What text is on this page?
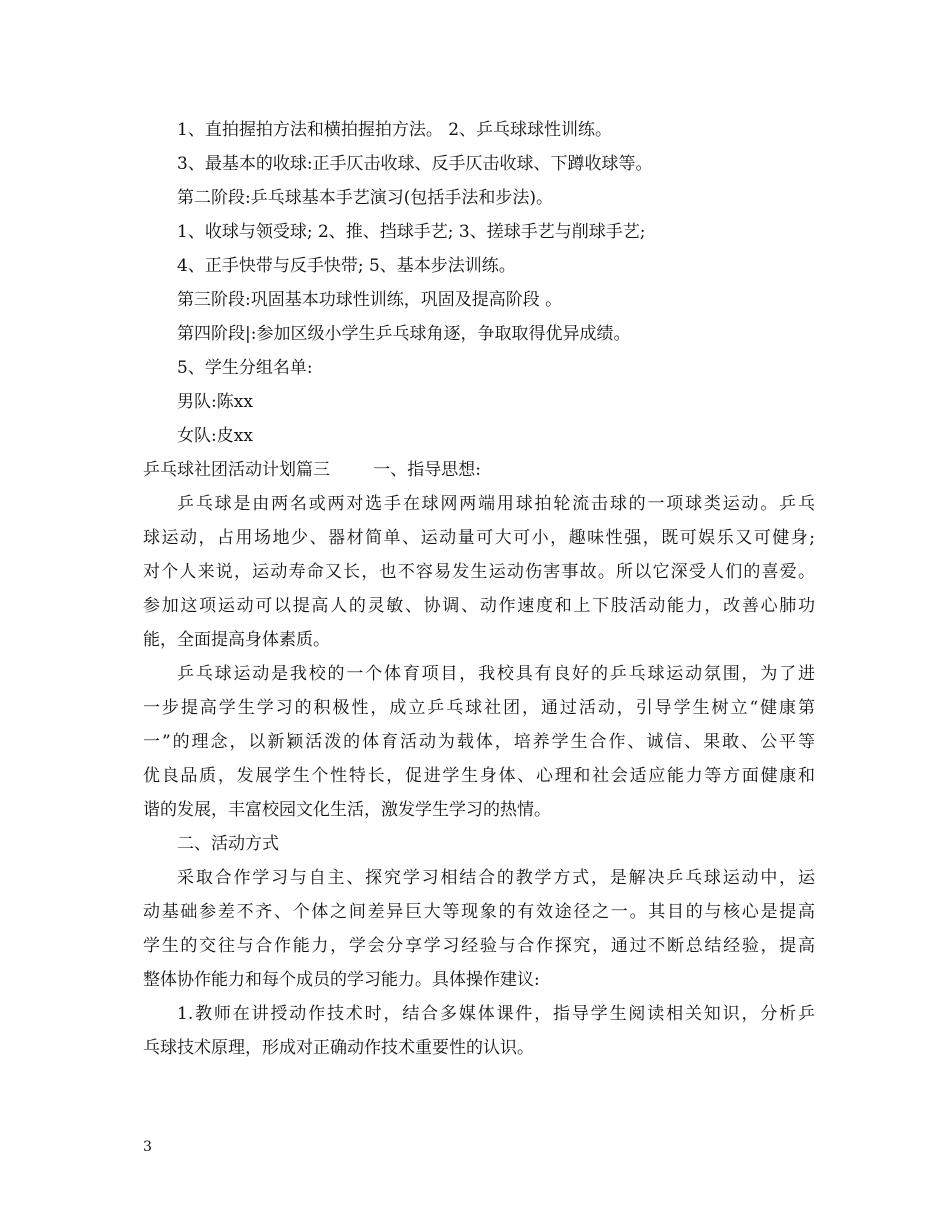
1、直拍握拍方法和横拍握拍方法。 2、乒乓球球性训练。
3、最基本的收球:正手仄击收球、反手仄击收球、下蹲收球等。
第二阶段:乒乓球基本手艺演习(包括手法和步法)。
1、收球与领受球; 2、推、挡球手艺; 3、搓球手艺与削球手艺;
4、正手快带与反手快带; 5、基本步法训练。
第三阶段:巩固基本功球性训练，巩固及提高阶段 。
第四阶段|:参加区级小学生乒乓球角逐，争取取得优异成绩。
5、学生分组名单:
男队:陈xx
女队:皮xx
乒乓球社团活动计划篇三        一、指导思想:
乒乓球是由两名或两对选手在球网两端用球拍轮流击球的一项球类运动。乒乓
球运动，占用场地少、器材简单、运动量可大可小，趣味性强，既可娱乐又可健身;
对个人来说，运动寿命又长，也不容易发生运动伤害事故。所以它深受人们的喜爱。
参加这项运动可以提高人的灵敏、协调、动作速度和上下肢活动能力，改善心肺功
能，全面提高身体素质。
乒乓球运动是我校的一个体育项目，我校具有良好的乒乓球运动氛围，为了进
一步提高学生学习的积极性，成立乒乓球社团，通过活动，引导学生树立“健康第
一”的理念，以新颖活泼的体育活动为载体，培养学生合作、诚信、果敢、公平等
优良品质，发展学生个性特长，促进学生身体、心理和社会适应能力等方面健康和
谐的发展，丰富校园文化生活，激发学生学习的热情。
二、活动方式
采取合作学习与自主、探究学习相结合的教学方式，是解决乒乓球运动中，运
动基础参差不齐、个体之间差异巨大等现象的有效途径之一。其目的与核心是提高
学生的交往与合作能力，学会分享学习经验与合作探究，通过不断总结经验，提高
整体协作能力和每个成员的学习能力。具体操作建议:
1.教师在讲授动作技术时，结合多媒体课件，指导学生阅读相关知识，分析乒
乓球技术原理，形成对正确动作技术重要性的认识。
3
